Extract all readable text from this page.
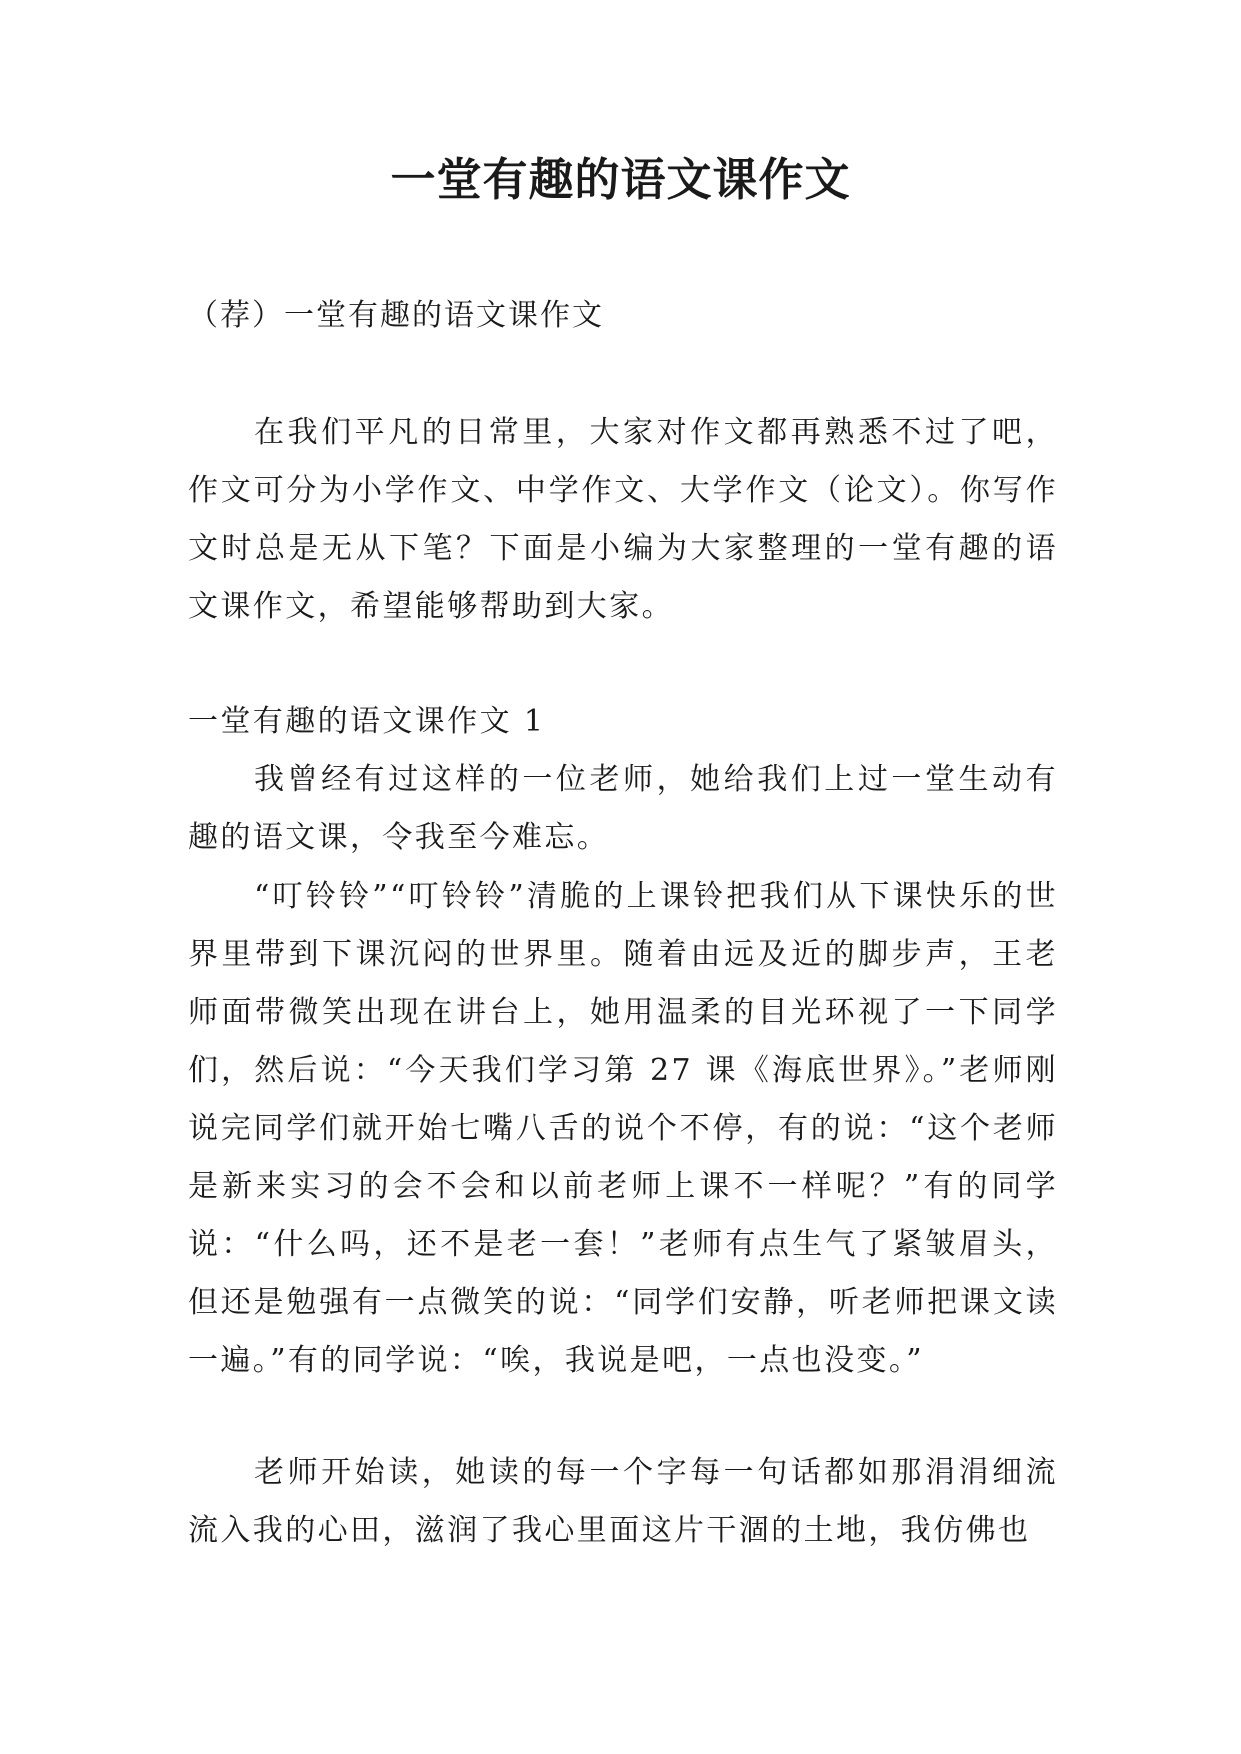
一堂有趣的语文课作文

（荐）一堂有趣的语文课作文

在我们平凡的日常里，大家对作文都再熟悉不过了吧，作文可分为小学作文、中学作文、大学作文（论文）。你写作文时总是无从下笔？下面是小编为大家整理的一堂有趣的语文课作文，希望能够帮助到大家。

一堂有趣的语文课作文 1

我曾经有过这样的一位老师，她给我们上过一堂生动有趣的语文课，令我至今难忘。

“叮铃铃”“叮铃铃”清脆的上课铃把我们从下课快乐的世界里带到下课沉闷的世界里。随着由远及近的脚步声，王老师面带微笑出现在讲台上，她用温柔的目光环视了一下同学们，然后说：“今天我们学习第 27 课《海底世界》。”老师刚说完同学们就开始七嘴八舌的说个不停，有的说：“这个老师是新来实习的会不会和以前老师上课不一样呢？”有的同学说：“什么吗，还不是老一套！”老师有点生气了紧皱眉头，但还是勉强有一点微笑的说：“同学们安静，听老师把课文读一遍。”有的同学说：“唉，我说是吧，一点也没变。”

老师开始读，她读的每一个字每一句话都如那涓涓细流流入我的心田，滋润了我心里面这片干涸的土地，我仿佛也
